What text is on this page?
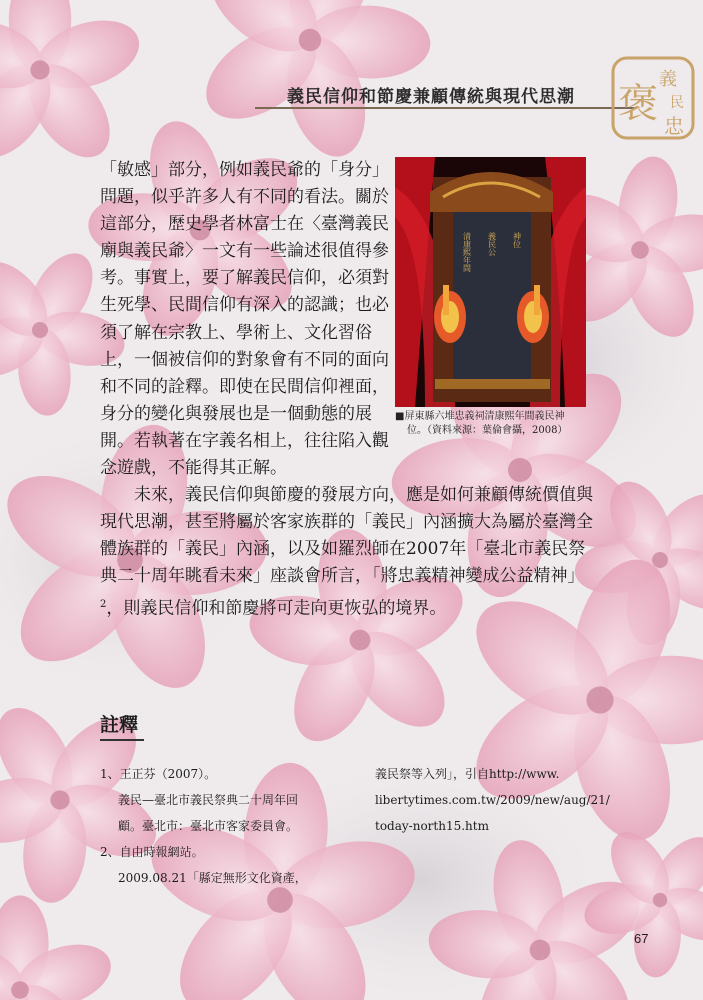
義民信仰和節慶兼顧傳統與現代思潮
義
民
褒 忠
清康熙年間 義民公 神位
■屏東縣六堆忠義祠清康熙年間義民神
位。（資料來源：葉倫會攝，2008）

「敏感」部分，例如義民爺的「身分」問題，似乎許多人有不同的看法。關於這部分，歷史學者林富士在〈臺灣義民廟與義民爺〉一文有一些論述很值得參考。事實上，要了解義民信仰，必須對生死學、民間信仰有深入的認識；也必須了解在宗教上、學術上、文化習俗上，一個被信仰的對象會有不同的面向和不同的詮釋。即使在民間信仰裡面，身分的變化與發展也是一個動態的展開。若執著在字義名相上，往往陷入觀念遊戲，不能得其正解。

未來，義民信仰與節慶的發展方向，應是如何兼顧傳統價值與現代思潮，甚至將屬於客家族群的「義民」內涵擴大為屬於臺灣全體族群的「義民」內涵，以及如羅烈師在2007年「臺北市義民祭典二十周年眺看未來」座談會所言，「將忠義精神變成公益精神」$^2$，則義民信仰和節慶將可走向更恢弘的境界。

註釋
1、王正芬（2007）。
義民—臺北市義民祭典二十周年回
顧。臺北市：臺北市客家委員會。
2、自由時報網站。
2009.08.21「縣定無形文化資產，
義民祭等入列」，引自http://www.
libertytimes.com.tw/2009/new/aug/21/
today-north15.htm
67
